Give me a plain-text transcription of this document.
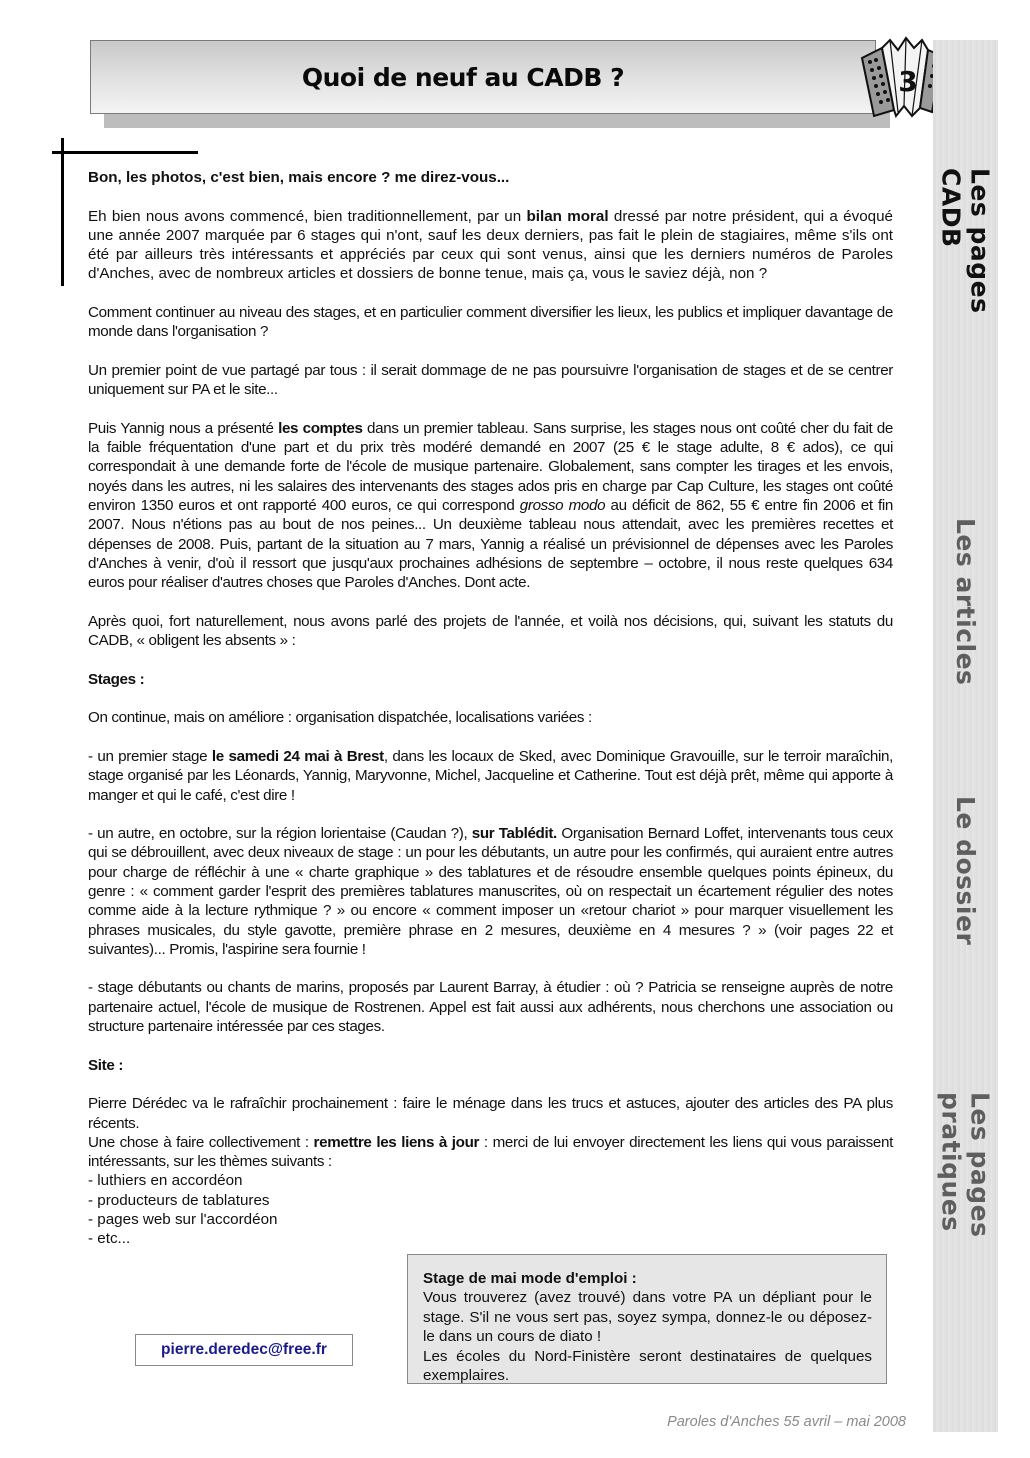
Quoi de neuf au CADB ?	3
Les pages CADB
Les articles
Le dossier
Les pages pratiques

Bon, les photos, c'est bien, mais encore ? me direz-vous...

Eh bien nous avons commencé, bien traditionnellement, par un bilan moral dressé par notre président, qui a évoqué une année 2007 marquée par 6 stages qui n'ont, sauf les deux derniers, pas fait le plein de stagiaires, même s'ils ont été par ailleurs très intéressants et appréciés par ceux qui sont venus, ainsi que les derniers numéros de Paroles d'Anches, avec de nombreux articles et dossiers de bonne tenue, mais ça, vous le saviez déjà, non ?

Comment continuer au niveau des stages, et en particulier comment diversifier les lieux, les publics et impliquer davantage de monde dans l'organisation ?

Un premier point de vue partagé par tous : il serait dommage de ne pas poursuivre l'organisation de stages et de se centrer uniquement sur PA et le site...

Puis Yannig nous a présenté les comptes dans un premier tableau. Sans surprise, les stages nous ont coûté cher du fait de la faible fréquentation d'une part et du prix très modéré demandé en 2007 (25 € le stage adulte, 8 € ados), ce qui correspondait à une demande forte de l'école de musique partenaire. Globalement, sans compter les tirages et les envois, noyés dans les autres, ni les salaires des intervenants des stages ados pris en charge par Cap Culture, les stages ont coûté environ 1350 euros et ont rapporté 400 euros, ce qui correspond grosso modo au déficit de 862, 55 € entre fin 2006 et fin 2007. Nous n'étions pas au bout de nos peines... Un deuxième tableau nous attendait, avec les premières recettes et dépenses de 2008. Puis, partant de la situation au 7 mars, Yannig a réalisé un prévisionnel de dépenses avec les Paroles d'Anches à venir, d'où il ressort que jusqu'aux prochaines adhésions de septembre – octobre, il nous reste quelques 634 euros pour réaliser d'autres choses que Paroles d'Anches. Dont acte.

Après quoi, fort naturellement, nous avons parlé des projets de l'année, et voilà nos décisions, qui, suivant les statuts du CADB, « obligent les absents » :

Stages :

On continue, mais on améliore : organisation dispatchée, localisations variées :

- un premier stage le samedi 24 mai à Brest, dans les locaux de Sked, avec Dominique Gravouille, sur le terroir maraîchin, stage organisé par les Léonards, Yannig, Maryvonne, Michel, Jacqueline et Catherine. Tout est déjà prêt, même qui apporte à manger et qui le café, c'est dire !

- un autre, en octobre, sur la région lorientaise (Caudan ?), sur Tablédit. Organisation Bernard Loffet, intervenants tous ceux qui se débrouillent, avec deux niveaux de stage : un pour les débutants, un autre pour les confirmés, qui auraient entre autres pour charge de réfléchir à une « charte graphique » des tablatures et de résoudre ensemble quelques points épineux, du genre : « comment garder l'esprit des premières tablatures manuscrites, où on respectait un écartement régulier des notes comme aide à la lecture rythmique ? » ou encore « comment imposer un «retour chariot » pour marquer visuellement les phrases musicales, du style gavotte, première phrase en 2 mesures, deuxième en 4 mesures ? » (voir pages 22 et suivantes)... Promis, l'aspirine sera fournie !

- stage débutants ou chants de marins, proposés par Laurent Barray, à étudier : où ? Patricia se renseigne auprès de notre partenaire actuel, l'école de musique de Rostrenen. Appel est fait aussi aux adhérents, nous cherchons une association ou structure partenaire intéressée par ces stages.

Site :

Pierre Dérédec va le rafraîchir prochainement : faire le ménage dans les trucs et astuces, ajouter des articles des PA plus récents.

Une chose à faire collectivement : remettre les liens à jour : merci de lui envoyer directement les liens qui vous paraissent intéressants, sur les thèmes suivants :

- luthiers en accordéon
- producteurs de tablatures
- pages web sur l'accordéon
- etc...
pierre.deredec@free.fr
Stage de mai mode d'emploi :
Vous trouverez (avez trouvé) dans votre PA un dépliant pour le stage. S'il ne vous sert pas, soyez sympa, donnez-le ou déposez-le dans un cours de diato !
Les écoles du Nord-Finistère seront destinataires de quelques exemplaires.
Paroles d'Anches 55 avril – mai 2008
